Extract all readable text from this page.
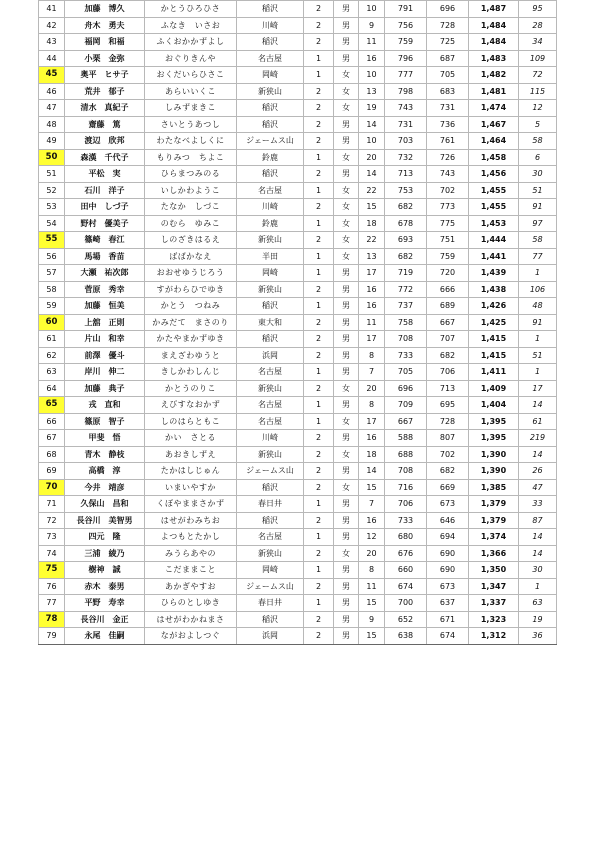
41	加藤　博久	かとうひろひさ	稲沢	2	男	10	791	696	1,487	95
42	舟木　勇夫	ふなき　いさお	川崎	2	男	9	756	728	1,484	28
43	福岡　和福	ふくおかかずよし	稲沢	2	男	11	759	725	1,484	34
44	小栗　金弥	おぐりきんや	名古屋	1	男	16	796	687	1,483	109
45	奥平　ヒサ子	おくだいらひさこ	岡崎	1	女	10	777	705	1,482	72
46	荒井　郁子	あらいいくこ	新狭山	2	女	13	798	683	1,481	115
47	清水　真紀子	しみずまきこ	稲沢	2	女	19	743	731	1,474	12
48	齋藤　篤	さいとうあつし	稲沢	2	男	14	731	736	1,467	5
49	渡辺　欣邦	わたなべよしくに	ジェームス山	2	男	10	703	761	1,464	58
50	森漢　千代子	もりみつ　ちよこ	鈴鹿	1	女	20	732	726	1,458	6
51	平松　実	ひらまつみのる	稲沢	2	男	14	713	743	1,456	30
52	石川　洋子	いしかわようこ	名古屋	1	女	22	753	702	1,455	51
53	田中　しづ子	たなか　しづこ	川崎	2	女	15	682	773	1,455	91
54	野村　優美子	のむら　ゆみこ	鈴鹿	1	女	18	678	775	1,453	97
55	篠崎　春江	しのざきはるえ	新狭山	2	女	22	693	751	1,444	58
56	馬場　香苗	ばばかなえ	半田	1	女	13	682	759	1,441	77
57	大瀬　祐次郎	おおせゆうじろう	岡崎	1	男	17	719	720	1,439	1
58	菅原　秀幸	すがわらひでゆき	新狭山	2	男	16	772	666	1,438	106
59	加藤　恒美	かとう　つねみ	稲沢	1	男	16	737	689	1,426	48
60	上舘　正則	かみだて　まさのり	東大和	2	男	11	758	667	1,425	91
61	片山　和幸	かたやまかずゆき	稲沢	2	男	17	708	707	1,415	1
62	前澤　優斗	まえざわゆうと	浜岡	2	男	8	733	682	1,415	51
63	岸川　伸二	きしかわしんじ	名古屋	1	男	7	705	706	1,411	1
64	加藤　典子	かとうのりこ	新狭山	2	女	20	696	713	1,409	17
65	戎　直和	えびすなおかず	名古屋	1	男	8	709	695	1,404	14
66	篠原　智子	しのはらともこ	名古屋	1	女	17	667	728	1,395	61
67	甲斐　悟	かい　さとる	川崎	2	男	16	588	807	1,395	219
68	青木　静枝	あおきしずえ	新狭山	2	女	18	688	702	1,390	14
69	高橋　淳	たかはしじゅん	ジェームス山	2	男	14	708	682	1,390	26
70	今井　靖彦	いまいやすか	稲沢	2	女	15	716	669	1,385	47
71	久保山　昌和	くぼやままさかず	春日井	1	男	7	706	673	1,379	33
72	長谷川　美智男	はせがわみちお	稲沢	2	男	16	733	646	1,379	87
73	四元　隆	よつもとたかし	名古屋	1	男	12	680	694	1,374	14
74	三浦　綾乃	みうらあやの	新狭山	2	女	20	676	690	1,366	14
75	樹神　誠	こだままこと	岡崎	1	男	8	660	690	1,350	30
76	赤木　泰男	あかぎやすお	ジェームス山	2	男	11	674	673	1,347	1
77	平野　寿幸	ひらのとしゆき	春日井	1	男	15	700	637	1,337	63
78	長谷川　金正	はせがわかねまさ	稲沢	2	男	9	652	671	1,323	19
79	永尾　佳嗣	ながおよしつぐ	浜岡	2	男	15	638	674	1,312	36
